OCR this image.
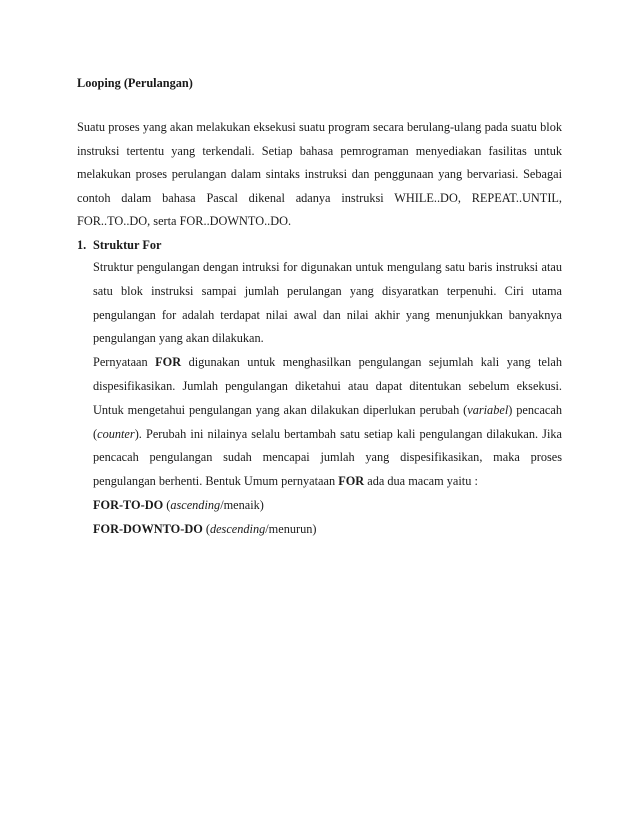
Looping (Perulangan)

Suatu proses yang akan melakukan eksekusi suatu program secara berulang-ulang pada suatu blok instruksi tertentu yang terkendali. Setiap bahasa pemrograman menyediakan fasilitas untuk melakukan proses perulangan dalam sintaks instruksi dan penggunaan yang bervariasi. Sebagai contoh dalam bahasa Pascal dikenal adanya instruksi WHILE..DO, REPEAT..UNTIL, FOR..TO..DO, serta FOR..DOWNTO..DO.

1. Struktur For

Struktur pengulangan dengan intruksi for digunakan untuk mengulang satu baris instruksi atau satu blok instruksi sampai jumlah perulangan yang disyaratkan terpenuhi. Ciri utama pengulangan for adalah terdapat nilai awal dan nilai akhir yang menunjukkan banyaknya pengulangan yang akan dilakukan.

Pernyataan FOR digunakan untuk menghasilkan pengulangan sejumlah kali yang telah dispesifikasikan. Jumlah pengulangan diketahui atau dapat ditentukan sebelum eksekusi. Untuk mengetahui pengulangan yang akan dilakukan diperlukan perubah (variabel) pencacah (counter). Perubah ini nilainya selalu bertambah satu setiap kali pengulangan dilakukan. Jika pencacah pengulangan sudah mencapai jumlah yang dispesifikasikan, maka proses pengulangan berhenti. Bentuk Umum pernyataan FOR ada dua macam yaitu :

FOR-TO-DO (ascending/menaik)

FOR-DOWNTO-DO (descending/menurun)
